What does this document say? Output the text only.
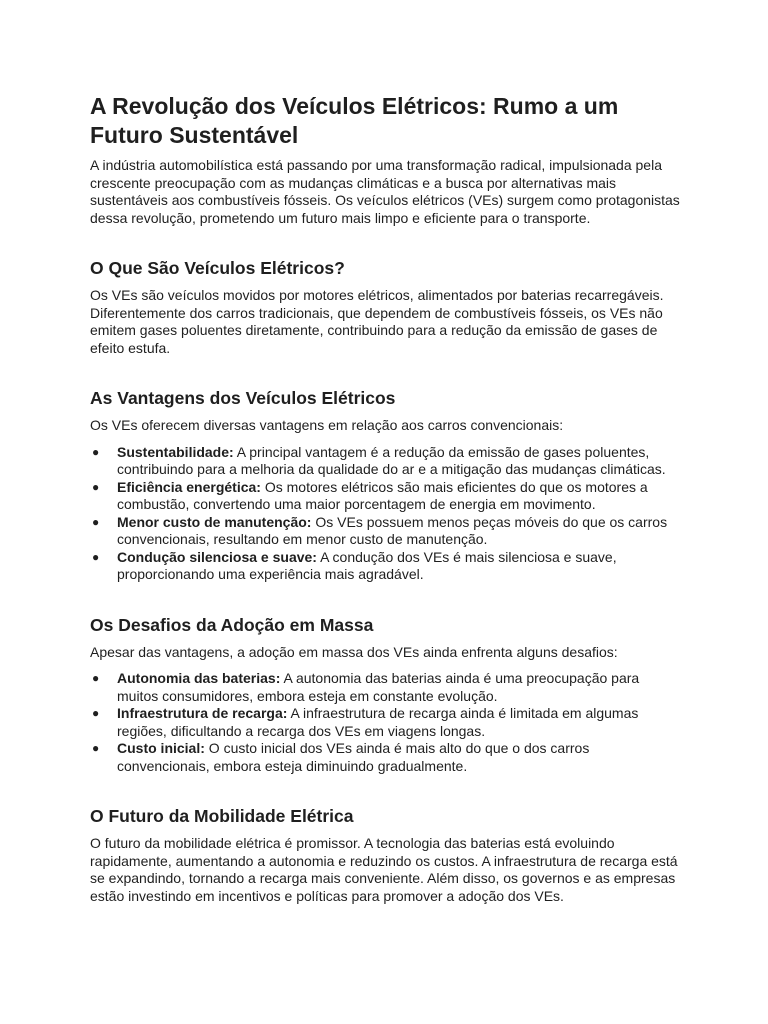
A Revolução dos Veículos Elétricos: Rumo a um Futuro Sustentável

A indústria automobilística está passando por uma transformação radical, impulsionada pela crescente preocupação com as mudanças climáticas e a busca por alternativas mais sustentáveis aos combustíveis fósseis. Os veículos elétricos (VEs) surgem como protagonistas dessa revolução, prometendo um futuro mais limpo e eficiente para o transporte.

O Que São Veículos Elétricos?

Os VEs são veículos movidos por motores elétricos, alimentados por baterias recarregáveis. Diferentemente dos carros tradicionais, que dependem de combustíveis fósseis, os VEs não emitem gases poluentes diretamente, contribuindo para a redução da emissão de gases de efeito estufa.

As Vantagens dos Veículos Elétricos

Os VEs oferecem diversas vantagens em relação aos carros convencionais:

● Sustentabilidade: A principal vantagem é a redução da emissão de gases poluentes, contribuindo para a melhoria da qualidade do ar e a mitigação das mudanças climáticas.
● Eficiência energética: Os motores elétricos são mais eficientes do que os motores a combustão, convertendo uma maior porcentagem de energia em movimento.
● Menor custo de manutenção: Os VEs possuem menos peças móveis do que os carros convencionais, resultando em menor custo de manutenção.
● Condução silenciosa e suave: A condução dos VEs é mais silenciosa e suave, proporcionando uma experiência mais agradável.
Os Desafios da Adoção em Massa

Apesar das vantagens, a adoção em massa dos VEs ainda enfrenta alguns desafios:

● Autonomia das baterias: A autonomia das baterias ainda é uma preocupação para muitos consumidores, embora esteja em constante evolução.
● Infraestrutura de recarga: A infraestrutura de recarga ainda é limitada em algumas regiões, dificultando a recarga dos VEs em viagens longas.
● Custo inicial: O custo inicial dos VEs ainda é mais alto do que o dos carros convencionais, embora esteja diminuindo gradualmente.
O Futuro da Mobilidade Elétrica

O futuro da mobilidade elétrica é promissor. A tecnologia das baterias está evoluindo rapidamente, aumentando a autonomia e reduzindo os custos. A infraestrutura de recarga está se expandindo, tornando a recarga mais conveniente. Além disso, os governos e as empresas estão investindo em incentivos e políticas para promover a adoção dos VEs.
